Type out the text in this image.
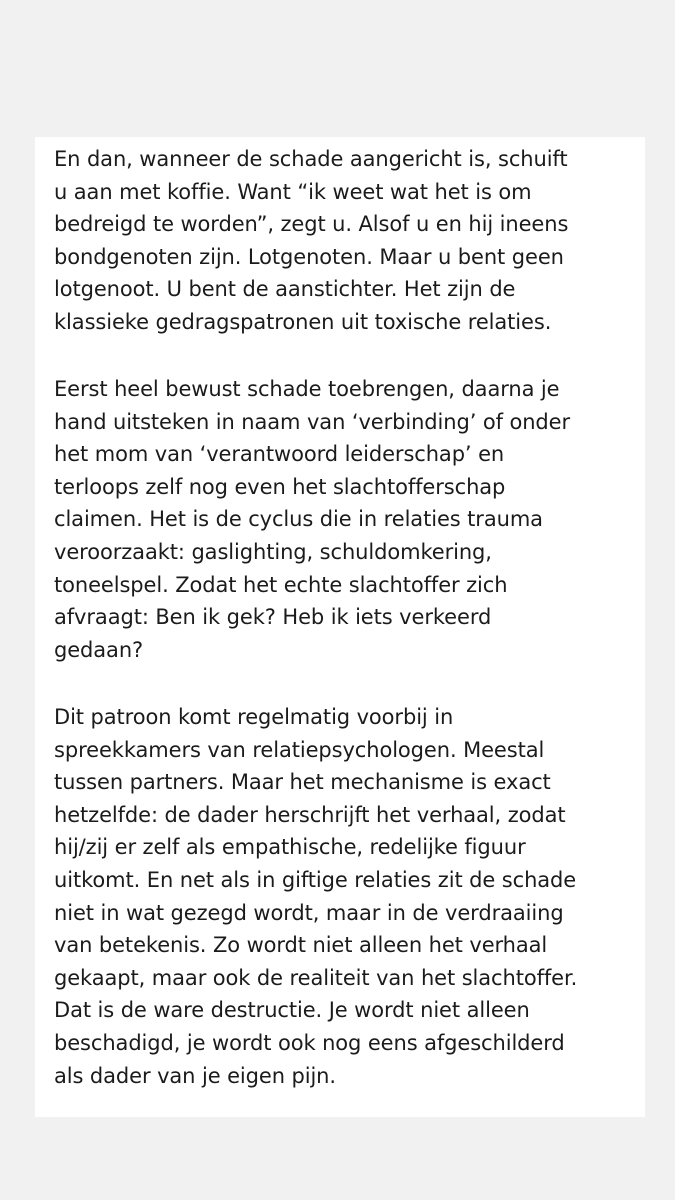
En dan, wanneer de schade aangericht is, schuift
u aan met koffie. Want “ik weet wat het is om
bedreigd te worden”, zegt u. Alsof u en hij ineens
bondgenoten zijn. Lotgenoten. Maar u bent geen
lotgenoot. U bent de aanstichter. Het zijn de
klassieke gedragspatronen uit toxische relaties.

Eerst heel bewust schade toebrengen, daarna je
hand uitsteken in naam van ‘verbinding’ of onder
het mom van ‘verantwoord leiderschap’ en
terloops zelf nog even het slachtofferschap
claimen. Het is de cyclus die in relaties trauma
veroorzaakt: gaslighting, schuldomkering,
toneelspel. Zodat het echte slachtoffer zich
afvraagt: Ben ik gek? Heb ik iets verkeerd
gedaan?

Dit patroon komt regelmatig voorbij in
spreekkamers van relatiepsychologen. Meestal
tussen partners. Maar het mechanisme is exact
hetzelfde: de dader herschrijft het verhaal, zodat
hij/zij er zelf als empathische, redelijke figuur
uitkomt. En net als in giftige relaties zit de schade
niet in wat gezegd wordt, maar in de verdraaiing
van betekenis. Zo wordt niet alleen het verhaal
gekaapt, maar ook de realiteit van het slachtoffer.
Dat is de ware destructie. Je wordt niet alleen
beschadigd, je wordt ook nog eens afgeschilderd
als dader van je eigen pijn.
